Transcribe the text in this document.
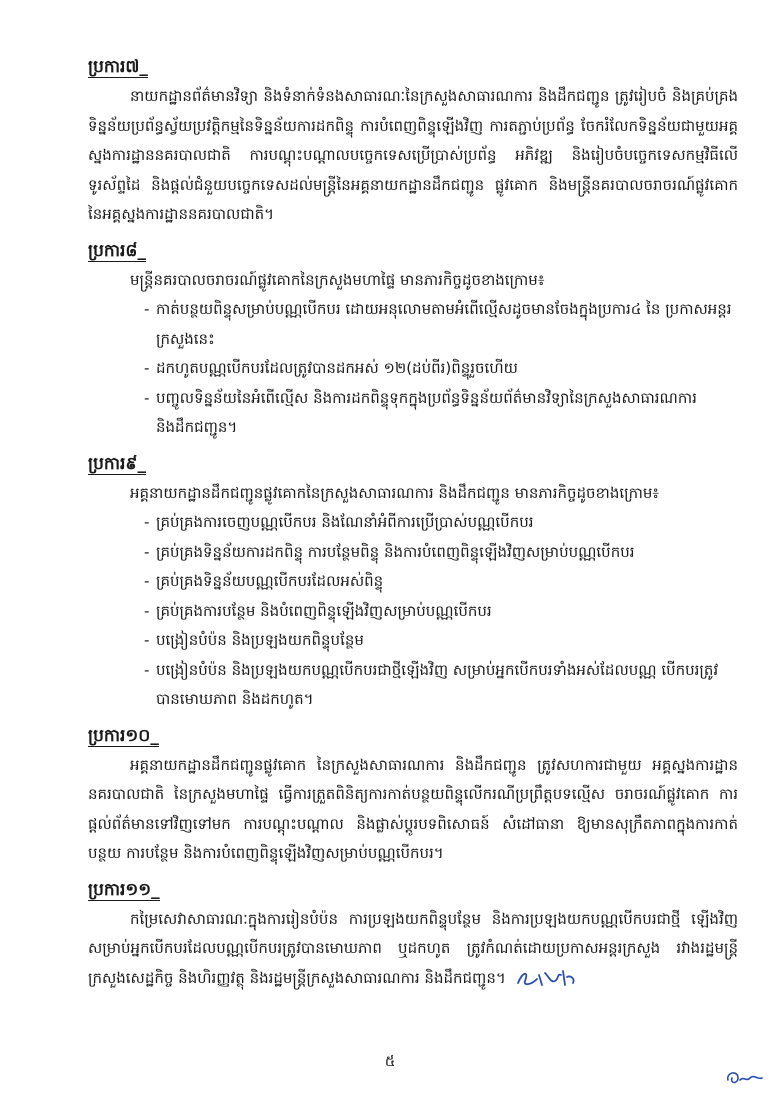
ប្រការ៧_

នាយកដ្ឋានព័ត៌មានវិទ្យា និងទំនាក់ទំនងសាធារណៈនៃក្រសួងសាធារណការ និងដឹកជញ្ជូន ត្រូវរៀបចំ និងគ្រប់គ្រងទិន្នន័យប្រព័ន្ធស្វ័យប្រវត្តិកម្មនៃទិន្នន័យការដកពិន្ទុ ការបំពេញពិន្ទុឡើងវិញ ការតភ្ជាប់ប្រព័ន្ធ ចែករំលែកទិន្នន័យជាមួយអគ្គស្នងការដ្ឋាននគរបាលជាតិ ការបណ្តុះបណ្តាលបច្ចេកទេសប្រើប្រាស់ប្រព័ន្ធ អភិវឌ្ឍ និងរៀបចំបច្ចេកទេសកម្មវិធីលើទូរស័ព្ទដៃ និងផ្តល់ជំនួយបច្ចេកទេសដល់មន្ត្រីនៃអគ្គនាយកដ្ឋានដឹកជញ្ជូន ផ្លូវគោក និងមន្ត្រីនគរបាលចរាចរណ៍ផ្លូវគោក នៃអគ្គស្នងការដ្ឋាននគរបាលជាតិ។

ប្រការ៨_

មន្ត្រីនគរបាលចរាចរណ៍ផ្លូវគោកនៃក្រសួងមហាផ្ទៃ មានភារកិច្ចដូចខាងក្រោម៖

- កាត់បន្ថយពិន្ទុសម្រាប់បណ្ណបើកបរ ដោយអនុលោមតាមអំពើល្មើសដូចមានចែងក្នុងប្រការ៤ នៃ ប្រកាសអន្តរក្រសួងនេះ
- ដកហូតបណ្ណបើកបរដែលត្រូវបានដកអស់ ១២(ដប់ពីរ)ពិន្ទុរួចហើយ
- បញ្ចូលទិន្នន័យនៃអំពើល្មើស និងការដកពិន្ទុទុកក្នុងប្រព័ន្ធទិន្នន័យព័ត៌មានវិទ្យានៃក្រសួងសាធារណការ និងដឹកជញ្ជូន។
ប្រការ៩_

អគ្គនាយកដ្ឋានដឹកជញ្ជូនផ្លូវគោកនៃក្រសួងសាធារណការ និងដឹកជញ្ជូន មានភារកិច្ចដូចខាងក្រោម៖

- គ្រប់គ្រងការចេញបណ្ណបើកបរ និងណែនាំអំពីការប្រើប្រាស់បណ្ណបើកបរ
- គ្រប់គ្រងទិន្នន័យការដកពិន្ទុ ការបន្ថែមពិន្ទុ និងការបំពេញពិន្ទុឡើងវិញសម្រាប់បណ្ណបើកបរ
- គ្រប់គ្រងទិន្នន័យបណ្ណបើកបរដែលអស់ពិន្ទុ
- គ្រប់គ្រងការបន្ថែម និងបំពេញពិន្ទុឡើងវិញសម្រាប់បណ្ណបើកបរ
- បង្រៀនបំប៉ន និងប្រឡងយកពិន្ទុបន្ថែម
- បង្រៀនបំប៉ន និងប្រឡងយកបណ្ណបើកបរជាថ្មីឡើងវិញ សម្រាប់អ្នកបើកបរទាំងអស់ដែលបណ្ណ បើកបរត្រូវបានមោឃភាព និងដកហូត។
ប្រការ១០_

អគ្គនាយកដ្ឋានដឹកជញ្ជូនផ្លូវគោក នៃក្រសួងសាធារណការ និងដឹកជញ្ជូន ត្រូវសហការជាមួយ អគ្គស្នងការដ្ឋាននគរបាលជាតិ នៃក្រសួងមហាផ្ទៃ ធ្វើការត្រួតពិនិត្យការកាត់បន្ថយពិន្ទុលើករណីប្រព្រឹត្តបទល្មើស ចរាចរណ៍ផ្លូវគោក ការផ្តល់ព័ត៌មានទៅវិញទៅមក ការបណ្តុះបណ្តាល និងផ្លាស់ប្តូរបទពិសោធន៍ សំដៅធានា ឱ្យមានសុក្រឹតភាពក្នុងការកាត់បន្ថយ ការបន្ថែម និងការបំពេញពិន្ទុឡើងវិញសម្រាប់បណ្ណបើកបរ។

ប្រការ១១_

កម្រៃសេវាសាធារណៈក្នុងការរៀនបំប៉ន ការប្រឡងយកពិន្ទុបន្ថែម និងការប្រឡងយកបណ្ណបើកបរជាថ្មី ឡើងវិញសម្រាប់អ្នកបើកបរដែលបណ្ណបើកបរត្រូវបានមោឃភាព ឬដកហូត ត្រូវកំណត់ដោយប្រកាសអន្តរក្រសួង រវាងរដ្ឋមន្ត្រីក្រសួងសេដ្ឋកិច្ច និងហិរញ្ញវត្ថុ និងរដ្ឋមន្ត្រីក្រសួងសាធារណការ និងដឹកជញ្ជូន។

៥
